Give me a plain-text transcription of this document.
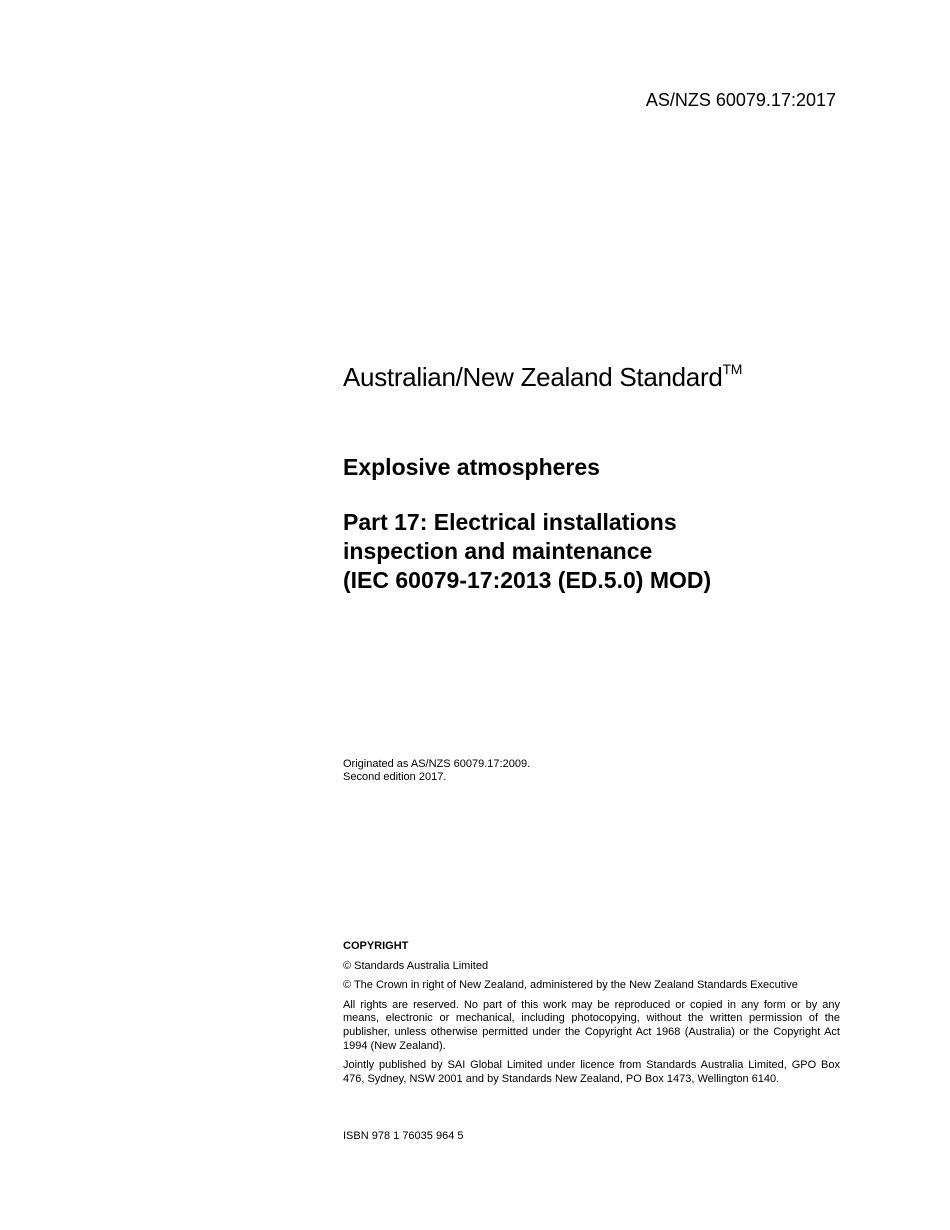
AS/NZS 60079.17:2017
Australian/New Zealand Standard™
Explosive atmospheres
Part 17: Electrical installations
inspection and maintenance
(IEC 60079-17:2013 (ED.5.0) MOD)
Originated as AS/NZS 60079.17:2009.
Second edition 2017.
COPYRIGHT

© Standards Australia Limited

© The Crown in right of New Zealand, administered by the New Zealand Standards Executive

All rights are reserved. No part of this work may be reproduced or copied in any form or by any means, electronic or mechanical, including photocopying, without the written permission of the publisher, unless otherwise permitted under the Copyright Act 1968 (Australia) or the Copyright Act 1994 (New Zealand).

Jointly published by SAI Global Limited under licence from Standards Australia Limited, GPO Box 476, Sydney, NSW 2001 and by Standards New Zealand, PO Box 1473, Wellington 6140.

ISBN 978 1 76035 964 5
